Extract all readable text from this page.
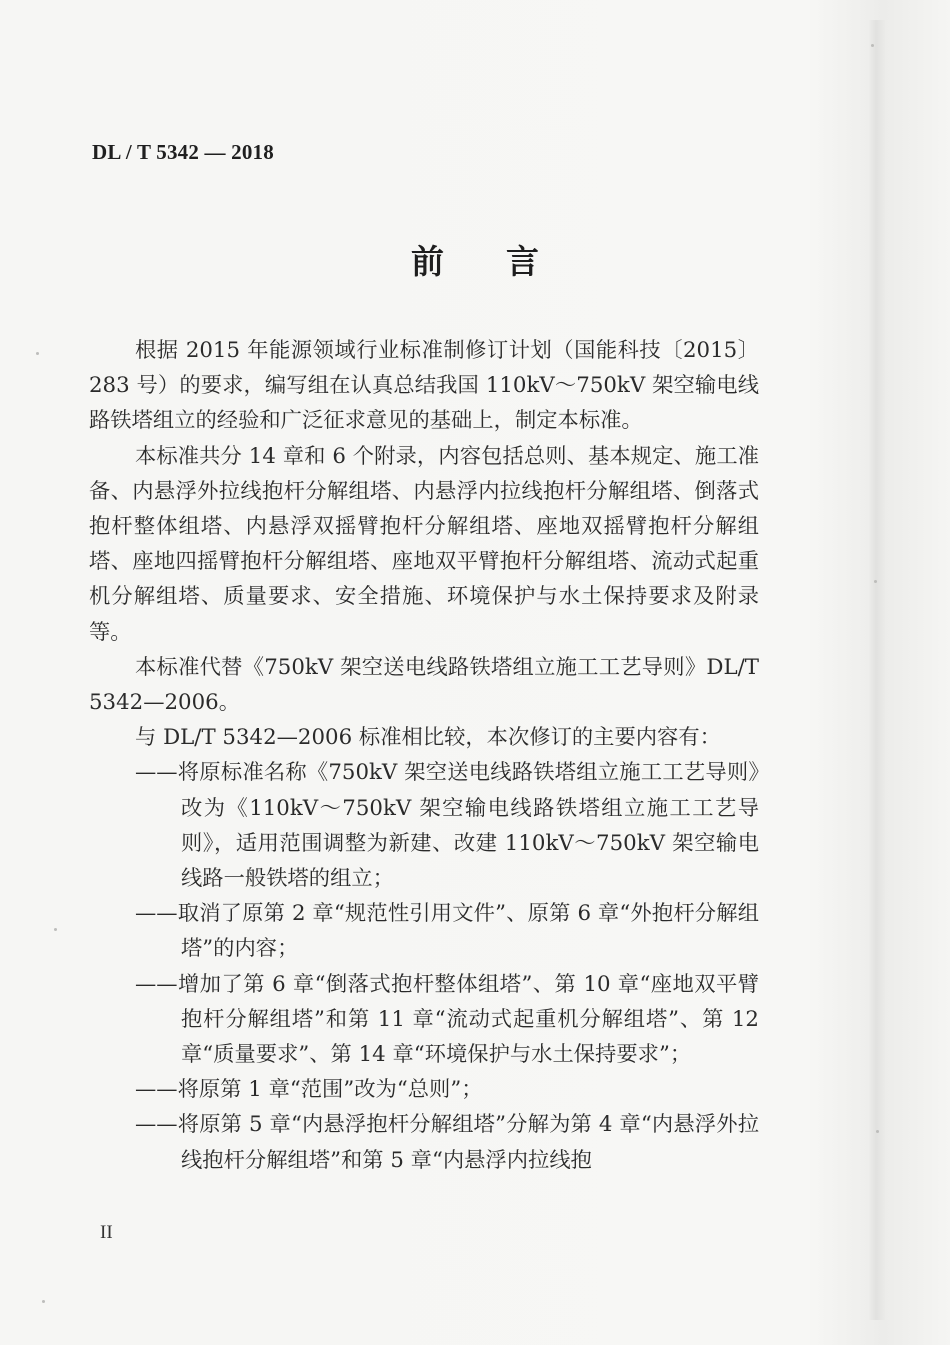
DL / T 5342 — 2018
前言

根据 2015 年能源领域行业标准制修订计划（国能科技〔2015〕283 号）的要求，编写组在认真总结我国 110kV～750kV 架空输电线路铁塔组立的经验和广泛征求意见的基础上，制定本标准。

本标准共分 14 章和 6 个附录，内容包括总则、基本规定、施工准备、内悬浮外拉线抱杆分解组塔、内悬浮内拉线抱杆分解组塔、倒落式抱杆整体组塔、内悬浮双摇臂抱杆分解组塔、座地双摇臂抱杆分解组塔、座地四摇臂抱杆分解组塔、座地双平臂抱杆分解组塔、流动式起重机分解组塔、质量要求、安全措施、环境保护与水土保持要求及附录等。

本标准代替《750kV 架空送电线路铁塔组立施工工艺导则》DL/T 5342—2006。

与 DL/T 5342—2006 标准相比较，本次修订的主要内容有：

——将原标准名称《750kV 架空送电线路铁塔组立施工工艺导则》改为《110kV～750kV 架空输电线路铁塔组立施工工艺导则》，适用范围调整为新建、改建 110kV～750kV 架空输电线路一般铁塔的组立；

——取消了原第 2 章“规范性引用文件”、原第 6 章“外抱杆分解组塔”的内容；

——增加了第 6 章“倒落式抱杆整体组塔”、第 10 章“座地双平臂抱杆分解组塔”和第 11 章“流动式起重机分解组塔”、第 12 章“质量要求”、第 14 章“环境保护与水土保持要求”；

——将原第 1 章“范围”改为“总则”；

——将原第 5 章“内悬浮抱杆分解组塔”分解为第 4 章“内悬浮外拉线抱杆分解组塔”和第 5 章“内悬浮内拉线抱

II
